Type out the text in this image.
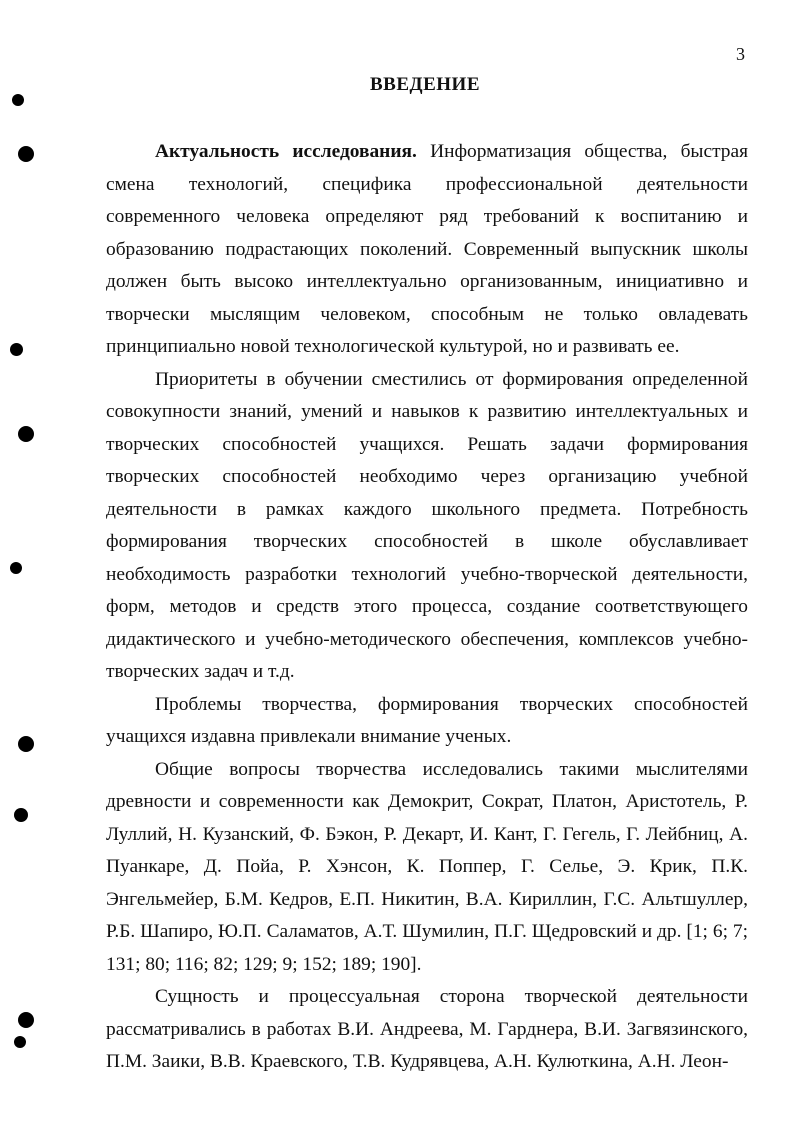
3
ВВЕДЕНИЕ

Актуальность исследования. Информатизация общества, быстрая смена технологий, специфика профессиональной деятельности современного человека определяют ряд требований к воспитанию и образованию подрастающих поколений. Современный выпускник школы должен быть высоко интеллектуально организованным, инициативно и творчески мыслящим человеком, способным не только овладевать принципиально новой технологической культурой, но и развивать ее.

Приоритеты в обучении сместились от формирования определенной совокупности знаний, умений и навыков к развитию интеллектуальных и творческих способностей учащихся. Решать задачи формирования творческих способностей необходимо через организацию учебной деятельности в рамках каждого школьного предмета. Потребность формирования творческих способностей в школе обуславливает необходимость разработки технологий учебно-творческой деятельности, форм, методов и средств этого процесса, создание соответствующего дидактического и учебно-методического обеспечения, комплексов учебно-творческих задач и т.д.

Проблемы творчества, формирования творческих способностей учащихся издавна привлекали внимание ученых.

Общие вопросы творчества исследовались такими мыслителями древности и современности как Демокрит, Сократ, Платон, Аристотель, Р. Луллий, Н. Кузанский, Ф. Бэкон, Р. Декарт, И. Кант, Г. Гегель, Г. Лейбниц, А. Пуанкаре, Д. Пойа, Р. Хэнсон, К. Поппер, Г. Селье, Э. Крик, П.К. Энгельмейер, Б.М. Кедров, Е.П. Никитин, В.А. Кириллин, Г.С. Альтшуллер, Р.Б. Шапиро, Ю.П. Саламатов, А.Т. Шумилин, П.Г. Щедровский и др. [1; 6; 7; 131; 80; 116; 82; 129; 9; 152; 189; 190].

Сущность и процессуальная сторона творческой деятельности рассматривались в работах В.И. Андреева, М. Гарднера, В.И. Загвязинского, П.М. Заики, В.В. Краевского, Т.В. Кудрявцева, А.Н. Кулюткина, А.Н. Леон-
